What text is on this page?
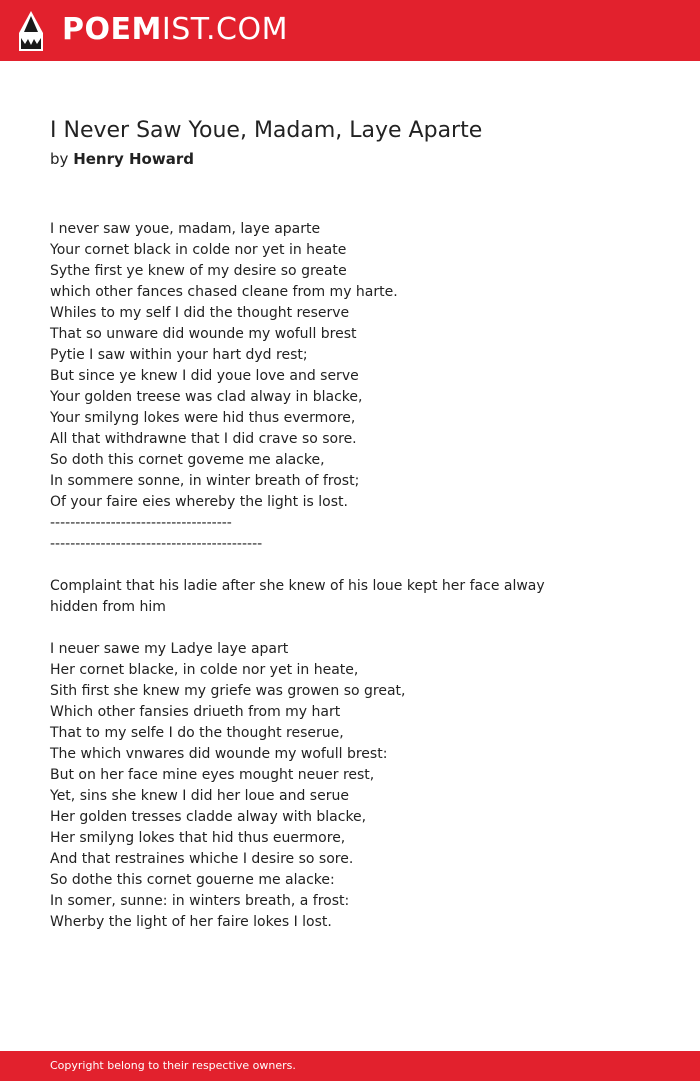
POEMIST.COM
I Never Saw Youe, Madam, Laye Aparte
by Henry Howard
I never saw youe, madam, laye aparte
Your cornet black in colde nor yet in heate
Sythe first ye knew of my desire so greate
which other fances chased cleane from my harte.
Whiles to my self I did the thought reserve
That so unware did wounde my wofull brest
Pytie I saw within your hart dyd rest;
But since ye knew I did youe love and serve
Your golden treese was clad alway in blacke,
Your smilyng lokes were hid thus evermore,
All that withdrawne that I did crave so sore.
So doth this cornet goveme me alacke,
In sommere sonne, in winter breath of frost;
Of your faire eies whereby the light is lost.
------------------------------------
------------------------------------------
Complaint that his ladie after she knew of his loue kept her face alway hidden from him
I neuer sawe my Ladye laye apart
Her cornet blacke, in colde nor yet in heate,
Sith first she knew my griefe was growen so great,
Which other fansies driueth from my hart
That to my selfe I do the thought reserue,
The which vnwares did wounde my wofull brest:
But on her face mine eyes mought neuer rest,
Yet, sins she knew I did her loue and serue
Her golden tresses cladde alway with blacke,
Her smilyng lokes that hid thus euermore,
And that restraines whiche I desire so sore.
So dothe this cornet gouerne me alacke:
In somer, sunne: in winters breath, a frost:
Wherby the light of her faire lokes I lost.
Copyright belong to their respective owners.
